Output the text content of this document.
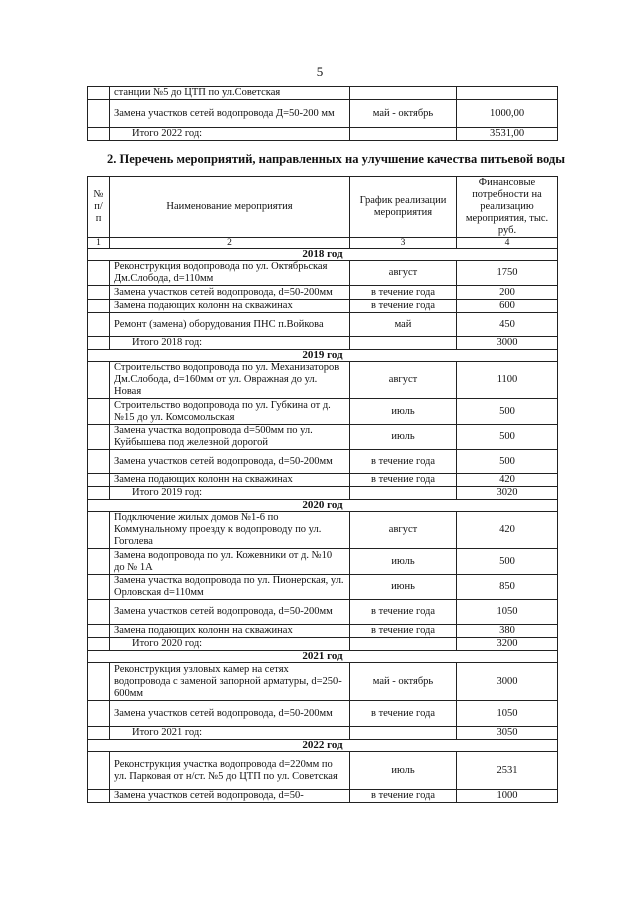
5
	станции №5 до ЦТП по ул.Советская		
	Замена участков сетей водопровода Д=50-200 мм	май - октябрь	1000,00
	Итого 2022 год:		3531,00
2. Перечень мероприятий, направленных на улучшение качества питьевой воды
№ п/п	Наименование мероприятия	График реализации мероприятия	Финансовые потребности на реализацию мероприятия, тыс. руб.
1	2	3	4
2018 год			
	Реконструкция водопровода по ул. Октябрьская Дм.Слобода, d=110мм	август	1750
	Замена участков сетей водопровода, d=50-200мм	в течение года	200
	Замена подающих колонн на скважинах	в течение года	600
	Ремонт (замена) оборудования ПНС п.Войкова	май	450
	Итого 2018 год:		3000
2019 год			
	Строительство водопровода по ул. Механизаторов Дм.Слобода, d=160мм от ул. Овражная до ул. Новая	август	1100
	Строительство водопровода по ул. Губкина от д. №15 до ул. Комсомольская	июль	500
	Замена участка водопровода d=500мм по ул. Куйбышева под железной дорогой	июль	500
	Замена участков сетей водопровода, d=50-200мм	в течение года	500
	Замена подающих колонн на скважинах	в течение года	420
	Итого 2019 год:		3020
2020 год			
	Подключение жилых домов №1-6 по Коммунальному проезду к водопроводу по ул. Гоголева	август	420
	Замена водопровода по ул. Кожевники от д. №10 до № 1А	июль	500
	Замена участка водопровода по ул. Пионерская, ул. Орловская d=110мм	июнь	850
	Замена участков сетей водопровода, d=50-200мм	в течение года	1050
	Замена подающих колонн на скважинах	в течение года	380
	Итого 2020 год:		3200
2021 год			
	Реконструкция узловых камер на сетях водопровода с заменой запорной арматуры, d=250-600мм	май - октябрь	3000
	Замена участков сетей водопровода, d=50-200мм	в течение года	1050
	Итого 2021 год:		3050
2022 год			
	Реконструкция участка водопровода d=220мм по ул. Парковая от н/ст. №5 до ЦТП по ул. Советская	июль	2531
	Замена участков сетей водопровода, d=50-	в течение года	1000
